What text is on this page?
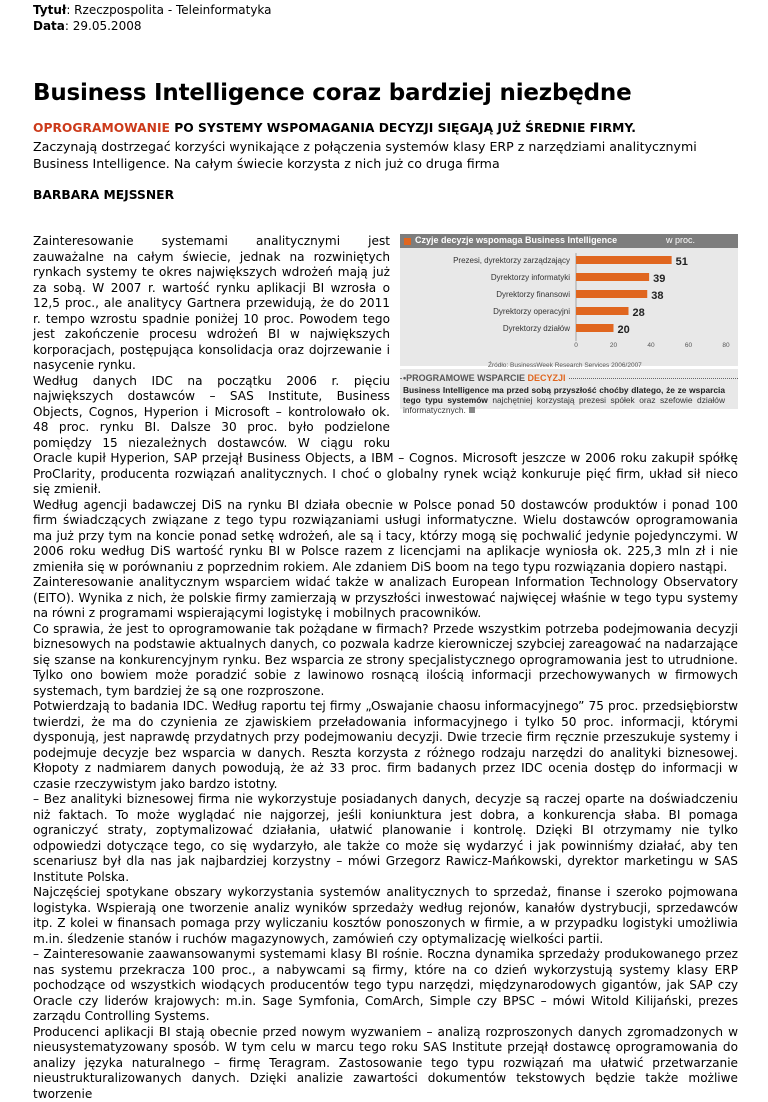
Tytuł: Rzeczpospolita - Teleinformatyka
Data: 29.05.2008
Business Intelligence coraz bardziej niezbędne
OPROGRAMOWANIE PO SYSTEMY WSPOMAGANIA DECYZJI SIĘGAJĄ JUŻ ŚREDNIE FIRMY.
Zaczynają dostrzegać korzyści wynikające z połączenia systemów klasy ERP z narzędziami analitycznymi Business Intelligence. Na całym świecie korzysta z nich już co druga firma
BARBARA MEJSSNER
Czyje decyzje wspomaga Business Intelligence	w proc.
Prezesi, dyrektorzy zarządzający	51
Dyrektorzy informatyki	39
Dyrektorzy finansowi	38
Dyrektorzy operacyjni	28
Dyrektorzy działów	20
0	20	40	60	80
Źródło: BusinessWeek Research Services 2006/2007
•PROGRAMOWE WSPARCIE DECYZJI
Business Intelligence ma przed sobą przyszłość choćby dlatego, że ze wsparcia tego typu systemów najchętniej korzystają prezesi spółek oraz szefowie działów informatycznych.

Zainteresowanie systemami analitycznymi jest zauważalne na całym świecie, jednak na rozwiniętych rynkach systemy te okres największych wdrożeń mają już za sobą. W 2007 r. wartość rynku aplikacji BI wzrosła o 12,5 proc., ale analitycy Gartnera przewidują, że do 2011 r. tempo wzrostu spadnie poniżej 10 proc. Powodem tego jest zakończenie procesu wdrożeń BI w największych korporacjach, postępująca konsolidacja oraz dojrzewanie i nasycenie rynku.

Według danych IDC na początku 2006 r. pięciu największych dostawców – SAS Institute, Business Objects, Cognos, Hyperion i Microsoft – kontrolowało ok. 48 proc. rynku BI. Dalsze 30 proc. było podzielone pomiędzy 15 niezależnych dostawców. W ciągu roku Oracle kupił Hyperion, SAP przejął Business Objects, a IBM – Cognos. Microsoft jeszcze w 2006 roku zakupił spółkę ProClarity, producenta rozwiązań analitycznych. I choć o globalny rynek wciąż konkuruje pięć firm, układ sił nieco się zmienił.

Według agencji badawczej DiS na rynku BI działa obecnie w Polsce ponad 50 dostawców produktów i ponad 100 firm świadczących związane z tego typu rozwiązaniami usługi informatyczne. Wielu dostawców oprogramowania ma już przy tym na koncie ponad setkę wdrożeń, ale są i tacy, którzy mogą się pochwalić jedynie pojedynczymi. W 2006 roku według DiS wartość rynku BI w Polsce razem z licencjami na aplikacje wyniosła ok. 225,3 mln zł i nie zmieniła się w porównaniu z poprzednim rokiem. Ale zdaniem DiS boom na tego typu rozwiązania dopiero nastąpi.

Zainteresowanie analitycznym wsparciem widać także w analizach European Information Technology Observatory (EITO). Wynika z nich, że polskie firmy zamierzają w przyszłości inwestować najwięcej właśnie w tego typu systemy na równi z programami wspierającymi logistykę i mobilnych pracowników.

Co sprawia, że jest to oprogramowanie tak pożądane w firmach? Przede wszystkim potrzeba podejmowania decyzji biznesowych na podstawie aktualnych danych, co pozwala kadrze kierowniczej szybciej zareagować na nadarzające się szanse na konkurencyjnym rynku. Bez wsparcia ze strony specjalistycznego oprogramowania jest to utrudnione. Tylko ono bowiem może poradzić sobie z lawinowo rosnącą ilością informacji przechowywanych w firmowych systemach, tym bardziej że są one rozproszone.

Potwierdzają to badania IDC. Według raportu tej firmy „Oswajanie chaosu informacyjnego” 75 proc. przedsiębiorstw twierdzi, że ma do czynienia ze zjawiskiem przeładowania informacyjnego i tylko 50 proc. informacji, którymi dysponują, jest naprawdę przydatnych przy podejmowaniu decyzji. Dwie trzecie firm ręcznie przeszukuje systemy i podejmuje decyzje bez wsparcia w danych. Reszta korzysta z różnego rodzaju narzędzi do analityki biznesowej. Kłopoty z nadmiarem danych powodują, że aż 33 proc. firm badanych przez IDC ocenia dostęp do informacji w czasie rzeczywistym jako bardzo istotny.

– Bez analityki biznesowej firma nie wykorzystuje posiadanych danych, decyzje są raczej oparte na doświadczeniu niż faktach. To może wyglądać nie najgorzej, jeśli koniunktura jest dobra, a konkurencja słaba. BI pomaga ograniczyć straty, zoptymalizować działania, ułatwić planowanie i kontrolę. Dzięki BI otrzymamy nie tylko odpowiedzi dotyczące tego, co się wydarzyło, ale także co może się wydarzyć i jak powinniśmy działać, aby ten scenariusz był dla nas jak najbardziej korzystny – mówi Grzegorz Rawicz-Mańkowski, dyrektor marketingu w SAS Institute Polska.

Najczęściej spotykane obszary wykorzystania systemów analitycznych to sprzedaż, finanse i szeroko pojmowana logistyka. Wspierają one tworzenie analiz wyników sprzedaży według rejonów, kanałów dystrybucji, sprzedawców itp. Z kolei w finansach pomaga przy wyliczaniu kosztów ponoszonych w firmie, a w przypadku logistyki umożliwia m.in. śledzenie stanów i ruchów magazynowych, zamówień czy optymalizację wielkości partii.

– Zainteresowanie zaawansowanymi systemami klasy BI rośnie. Roczna dynamika sprzedaży produkowanego przez nas systemu przekracza 100 proc., a nabywcami są firmy, które na co dzień wykorzystują systemy klasy ERP pochodzące od wszystkich wiodących producentów tego typu narzędzi, międzynarodowych gigantów, jak SAP czy Oracle czy liderów krajowych: m.in. Sage Symfonia, ComArch, Simple czy BPSC – mówi Witold Kilijański, prezes zarządu Controlling Systems.

Producenci aplikacji BI stają obecnie przed nowym wyzwaniem – analizą rozproszonych danych zgromadzonych w nieusystematyzowany sposób. W tym celu w marcu tego roku SAS Institute przejął dostawcę oprogramowania do analizy języka naturalnego – firmę Teragram. Zastosowanie tego typu rozwiązań ma ułatwić przetwarzanie nieustrukturalizowanych danych. Dzięki analizie zawartości dokumentów tekstowych będzie także możliwe tworzenie
